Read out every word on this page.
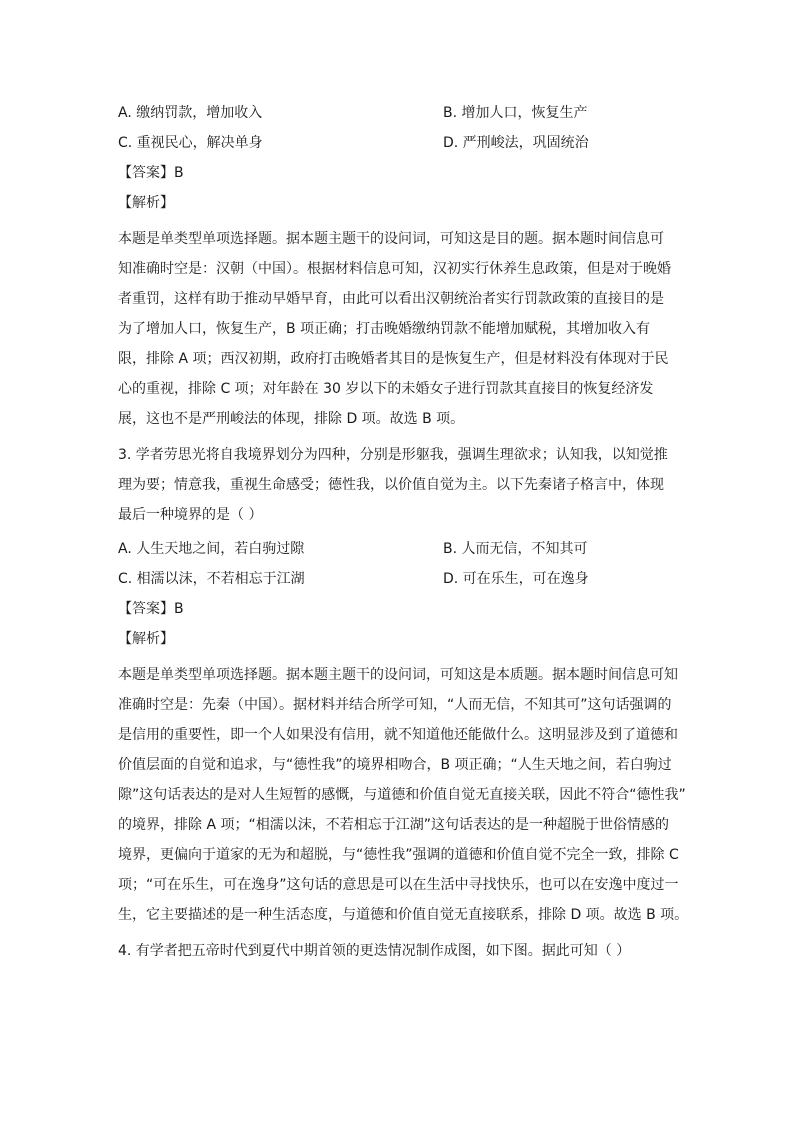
A. 缴纳罚款，增加收入	B. 增加人口，恢复生产
C. 重视民心，解决单身	D. 严刑峻法，巩固统治
【答案】B
【解析】
本题是单类型单项选择题。据本题主题干的设问词，可知这是目的题。据本题时间信息可
知准确时空是：汉朝（中国）。根据材料信息可知，汉初实行休养生息政策，但是对于晚婚
者重罚，这样有助于推动早婚早育，由此可以看出汉朝统治者实行罚款政策的直接目的是
为了增加人口，恢复生产，B 项正确；打击晚婚缴纳罚款不能增加赋税，其增加收入有
限，排除 A 项；西汉初期，政府打击晚婚者其目的是恢复生产，但是材料没有体现对于民
心的重视，排除 C 项；对年龄在 30 岁以下的未婚女子进行罚款其直接目的恢复经济发
展，这也不是严刑峻法的体现，排除 D 项。故选 B 项。
3. 学者劳思光将自我境界划分为四种，分别是形躯我，强调生理欲求；认知我，以知觉推
理为要；情意我，重视生命感受；德性我，以价值自觉为主。以下先秦诸子格言中，体现
最后一种境界的是（ ）
A. 人生天地之间，若白驹过隙	B. 人而无信，不知其可
C. 相濡以沫，不若相忘于江湖	D. 可在乐生，可在逸身
【答案】B
【解析】
本题是单类型单项选择题。据本题主题干的设问词，可知这是本质题。据本题时间信息可知
准确时空是：先秦（中国）。据材料并结合所学可知，“人而无信，不知其可”这句话强调的
是信用的重要性，即一个人如果没有信用，就不知道他还能做什么。这明显涉及到了道德和
价值层面的自觉和追求，与“德性我”的境界相吻合，B 项正确；“人生天地之间，若白驹过
隙”这句话表达的是对人生短暂的感慨，与道德和价值自觉无直接关联，因此不符合“德性我”
的境界，排除 A 项；“相濡以沫，不若相忘于江湖”这句话表达的是一种超脱于世俗情感的
境界，更偏向于道家的无为和超脱，与“德性我”强调的道德和价值自觉不完全一致，排除 C
项；“可在乐生，可在逸身”这句话的意思是可以在生活中寻找快乐，也可以在安逸中度过一
生，它主要描述的是一种生活态度，与道德和价值自觉无直接联系，排除 D 项。故选 B 项。
4. 有学者把五帝时代到夏代中期首领的更迭情况制作成图，如下图。据此可知（ ）
